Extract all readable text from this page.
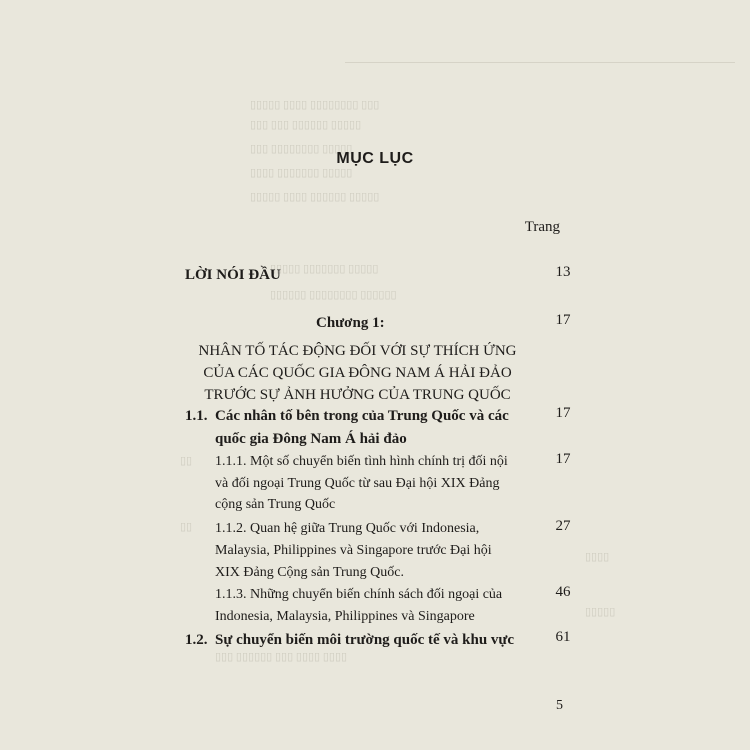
▯▯▯▯▯ ▯▯▯▯ ▯▯▯▯▯▯▯▯ ▯▯▯
▯▯▯ ▯▯▯ ▯▯▯▯▯▯ ▯▯▯▯▯
▯▯▯ ▯▯▯▯▯▯▯▯ ▯▯▯▯▯
▯▯▯▯ ▯▯▯▯▯▯▯ ▯▯▯▯▯
▯▯▯▯▯ ▯▯▯▯ ▯▯▯▯▯▯ ▯▯▯▯▯
▯▯▯▯▯ ▯▯▯▯▯▯▯ ▯▯▯▯▯
▯▯▯▯▯▯ ▯▯▯▯▯▯▯▯ ▯▯▯▯▯▯
▯▯
▯▯
▯▯▯▯
▯▯▯▯▯
▯▯▯ ▯▯▯▯▯▯ ▯▯▯ ▯▯▯▯ ▯▯▯▯
MỤC LỤC
Trang
LỜI NÓI ĐẦU	13
Chương 1:	17
NHÂN TỐ TÁC ĐỘNG ĐỐI VỚI SỰ THÍCH ỨNG CỦA CÁC QUỐC GIA ĐÔNG NAM Á HẢI ĐẢO TRƯỚC SỰ ẢNH HƯỞNG CỦA TRUNG QUỐC
1.1. Các nhân tố bên trong của Trung Quốc và các
quốc gia Đông Nam Á hải đảo
17
1.1.1. Một số chuyển biến tình hình chính trị đối nội
và đối ngoại Trung Quốc từ sau Đại hội XIX Đảng
cộng sản Trung Quốc
17
1.1.2. Quan hệ giữa Trung Quốc với Indonesia,
Malaysia, Philippines và Singapore trước Đại hội
XIX Đảng Cộng sản Trung Quốc.
27
1.1.3. Những chuyển biến chính sách đối ngoại của
Indonesia, Malaysia, Philippines và Singapore
46
1.2. Sự chuyển biến môi trường quốc tế và khu vực	61
5
